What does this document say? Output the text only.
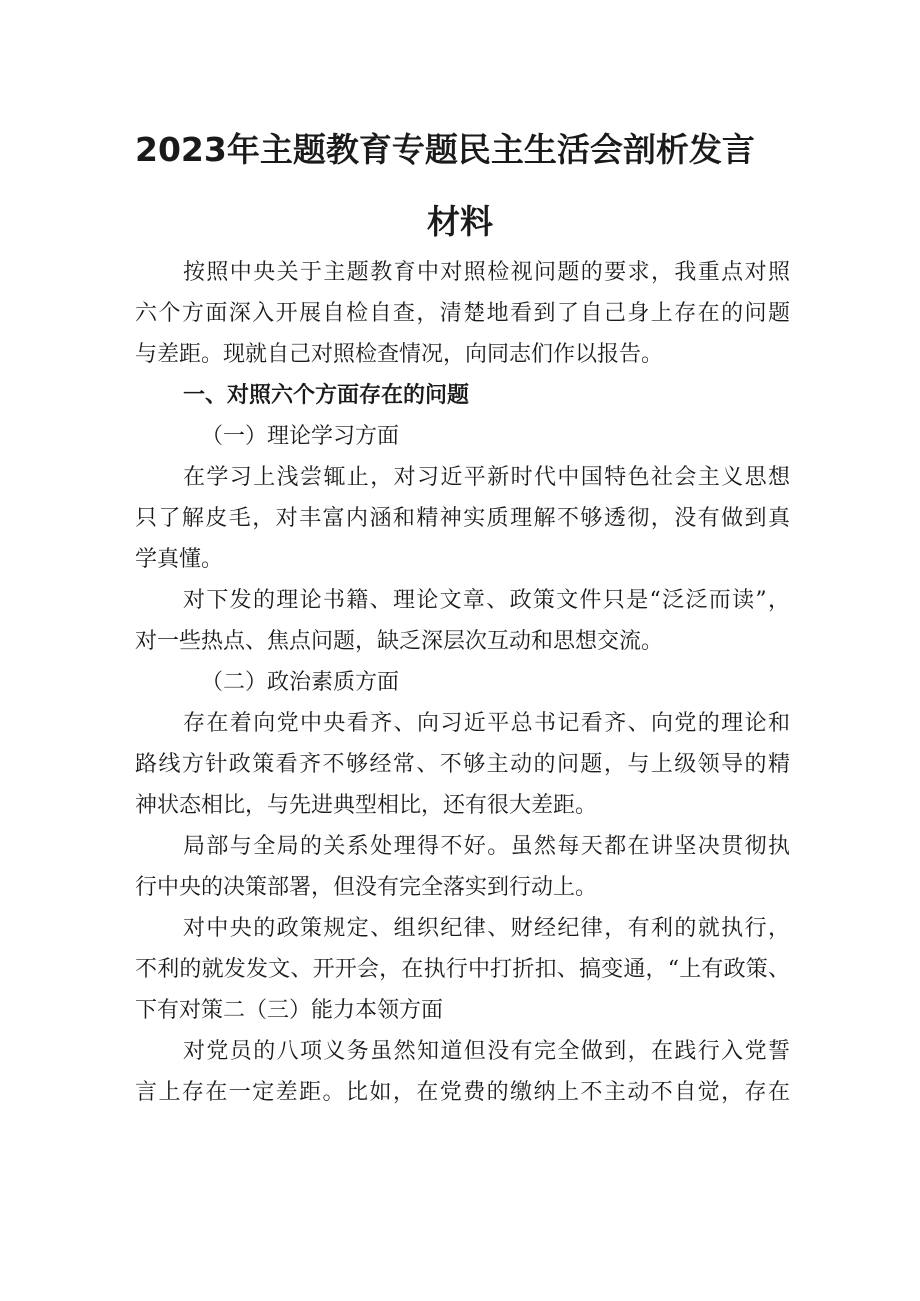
2023年主题教育专题民主生活会剖析发言
材料
按照中央关于主题教育中对照检视问题的要求，我重点对照
六个方面深入开展自检自查，清楚地看到了自己身上存在的问题
与差距。现就自己对照检查情况，向同志们作以报告。
一、对照六个方面存在的问题
（一）理论学习方面
在学习上浅尝辄止，对习近平新时代中国特色社会主义思想
只了解皮毛，对丰富内涵和精神实质理解不够透彻，没有做到真
学真懂。
对下发的理论书籍、理论文章、政策文件只是“泛泛而读”，
对一些热点、焦点问题，缺乏深层次互动和思想交流。
（二）政治素质方面
存在着向党中央看齐、向习近平总书记看齐、向党的理论和
路线方针政策看齐不够经常、不够主动的问题，与上级领导的精
神状态相比，与先进典型相比，还有很大差距。
局部与全局的关系处理得不好。虽然每天都在讲坚决贯彻执
行中央的决策部署，但没有完全落实到行动上。
对中央的政策规定、组织纪律、财经纪律，有利的就执行，
不利的就发发文、开开会，在执行中打折扣、搞变通，“上有政策、
下有对策二（三）能力本领方面
对党员的八项义务虽然知道但没有完全做到，在践行入党誓
言上存在一定差距。比如，在党费的缴纳上不主动不自觉，存在
